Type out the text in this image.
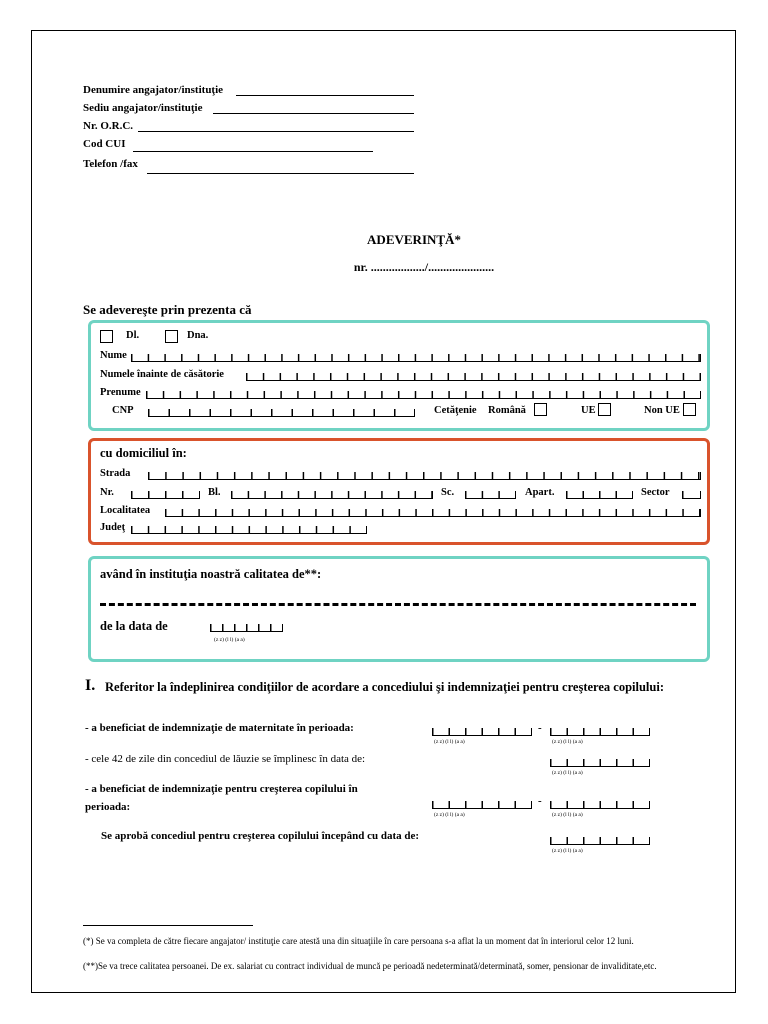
Denumire angajator/instituţie
Sediu angajator/instituţie
Nr. O.R.C.
Cod CUI
Telefon /fax
ADEVERINŢĂ*
nr. ................../......................
Se adevereşte prin prezenta că
Dl.	Dna.
Nume
Numele înainte de căsătorie
Prenume
CNP	Cetăţenie Română	UE	Non UE
cu domiciliul în:
Strada
Nr.	Bl.	Sc.	Apart.	Sector
Localitatea
Judeţ
având în instituţia noastră calitatea de**:
de la data de
(z z) (l l) (a a)
I. Referitor la îndeplinirea condiţiilor de acordare a concediului şi indemnizaţiei pentru creşterea copilului:
- a beneficiat de indemnizaţie de maternitate în perioada:
(z z) (l l) (a a)
-
(z z) (l l) (a a)
- cele 42 de zile din concediul de lăuzie se împlinesc în data de:
(z z) (l l) (a a)
- a beneficiat de indemnizaţie pentru creşterea copilului în
perioada:
(z z) (l l) (a a)
-
(z z) (l l) (a a)
Se aprobă concediul pentru creşterea copilului începând cu data de:
(z z) (l l) (a a)
(*) Se va completa de către fiecare angajator/ instituţie care atestă una din situaţiile în care persoana s-a aflat la un moment dat în interiorul celor 12 luni.
(**)Se va trece calitatea persoanei. De ex. salariat cu contract individual de muncă pe perioadă nedeterminată/determinată, somer, pensionar de invaliditate,etc.
